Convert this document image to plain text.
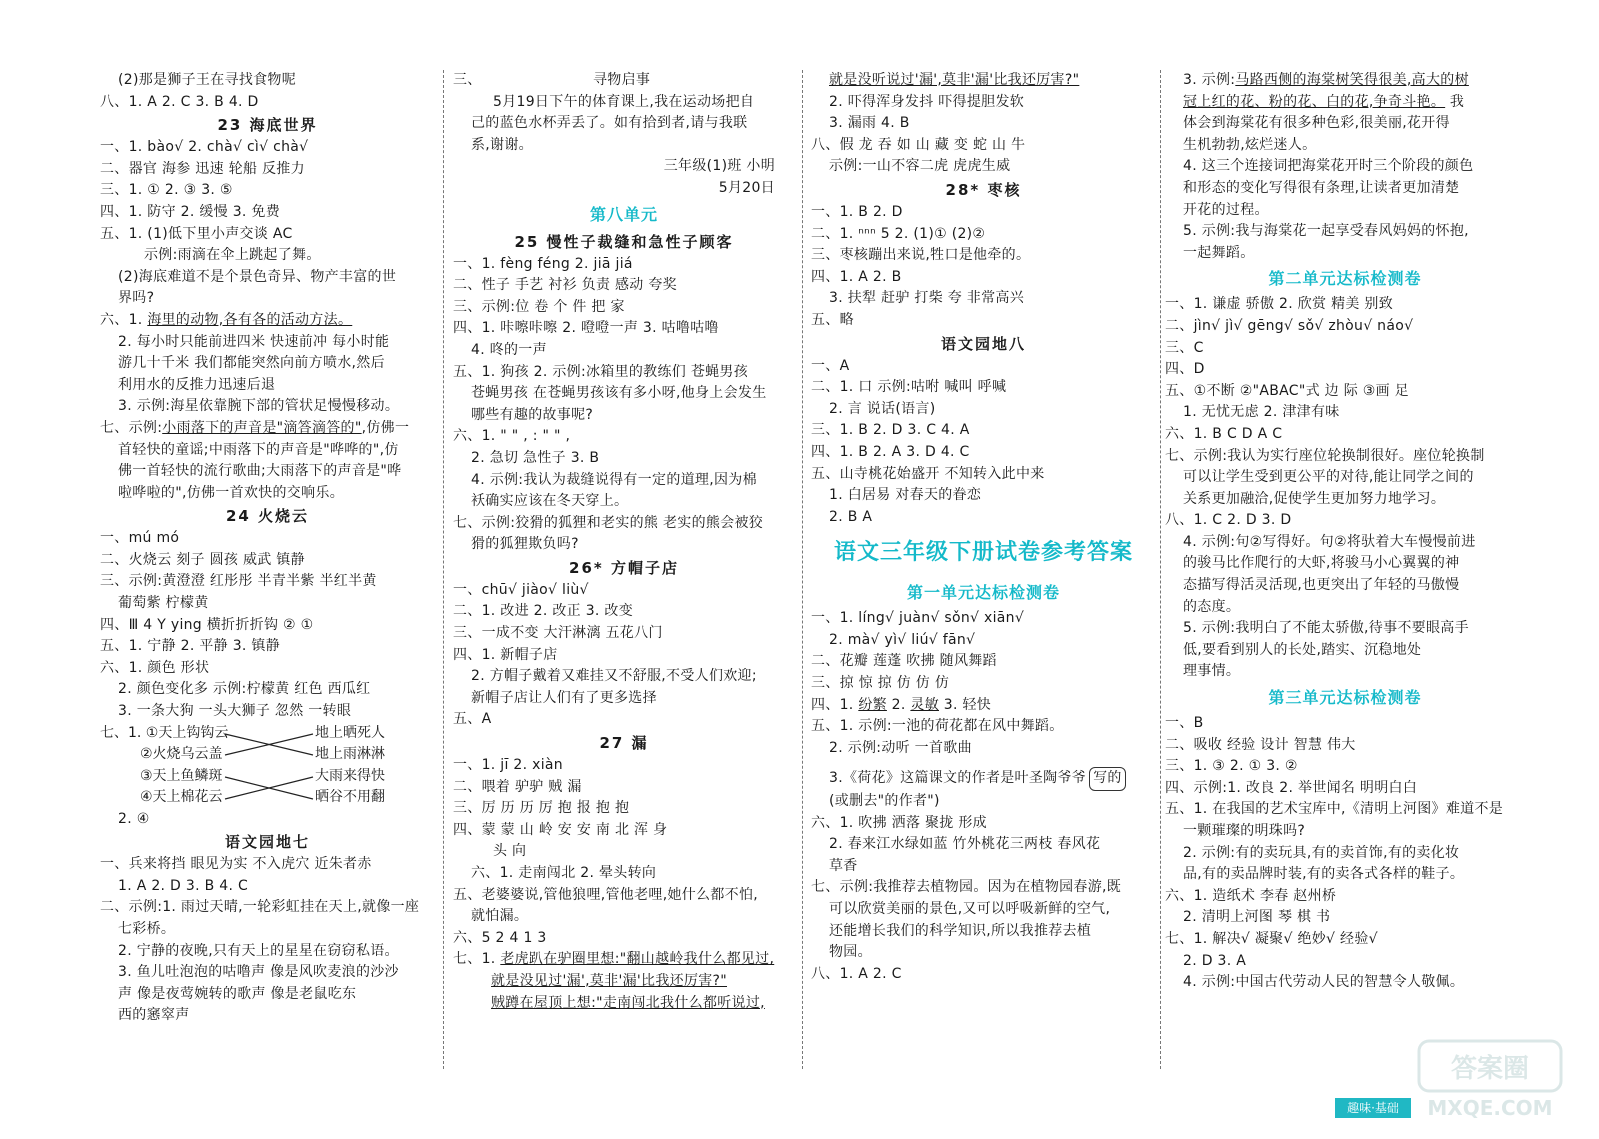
(2)那是狮子王在寻找食物呢
八、1. A 2. C 3. B 4. D
23 海底世界
一、1. bào√ 2. chà√ cì√ chà√
二、器官 海参 迅速 轮船 反推力
三、1. ① 2. ③ 3. ⑤
四、1. 防守 2. 缓慢 3. 免费
五、1. (1)低下里小声交谈 AC
示例:雨滴在伞上跳起了舞。
(2)海底难道不是个景色奇异、物产丰富的世
界吗?
六、1. 海里的动物,各有各的活动方法。
2. 每小时只能前进四米 快速前冲 每小时能
游几十千米 我们都能突然向前方喷水,然后
利用水的反推力迅速后退
3. 示例:海星依靠腕下部的管状足慢慢移动。
七、示例:小雨落下的声音是"滴答滴答的",仿佛一
首轻快的童谣;中雨落下的声音是"哗哗的",仿
佛一首轻快的流行歌曲;大雨落下的声音是"哗
啦哗啦的",仿佛一首欢快的交响乐。
24 火烧云
一、mú mó
二、火烧云 刻子 圆孩 威武 镇静
三、示例:黄澄澄 红彤彤 半青半紫 半红半黄
葡萄紫 柠檬黄
四、Ⅲ 4 Y ying 横折折折钩 ② ①
五、1. 宁静 2. 平静 3. 镇静
六、1. 颜色 形状
2. 颜色变化多 示例:柠檬黄 红色 西瓜红
3. 一条大狗 一头大狮子 忽然 一转眼
七、1. ①天上钩钩云
②火烧乌云盖
③天上鱼鳞斑
④天上棉花云
地上晒死人
地上雨淋淋
大雨来得快
晒谷不用翻
2. ④
语文园地七
一、兵来将挡 眼见为实 不入虎穴 近朱者赤
1. A 2. D 3. B 4. C
二、示例:1. 雨过天晴,一轮彩虹挂在天上,就像一座
七彩桥。
2. 宁静的夜晚,只有天上的星星在窃窃私语。
3. 鱼儿吐泡泡的咕噜声 像是风吹麦浪的沙沙
声 像是夜莺婉转的歌声 像是老鼠吃东
西的窸窣声
三、	寻物启事
5月19日下午的体育课上,我在运动场把自
己的蓝色水杯弄丢了。如有拾到者,请与我联
系,谢谢。
三年级(1)班 小明
5月20日
第八单元
25 慢性子裁缝和急性子顾客
一、1. fèng féng 2. jiā jiá
二、性子 手艺 衬衫 负责 感动 夸奖
三、示例:位 卷 个 件 把 家
四、1. 咔嚓咔嚓 2. 噔噔一声 3. 咕噜咕噜
4. 咚的一声
五、1. 狗孩 2. 示例:冰箱里的教练们 苍蝇男孩
苍蝇男孩 在苍蝇男孩该有多小呀,他身上会发生
哪些有趣的故事呢?
六、1. " " , : " " ,
2. 急切 急性子 3. B
4. 示例:我认为裁缝说得有一定的道理,因为棉
袄确实应该在冬天穿上。
七、示例:狡猾的狐狸和老实的熊 老实的熊会被狡
猾的狐狸欺负吗?
26* 方帽子店
一、chū√ jiào√ liù√
二、1. 改进 2. 改正 3. 改变
三、一成不变 大汗淋漓 五花八门
四、1. 新帽子店
2. 方帽子戴着又难挂又不舒服,不受人们欢迎;
新帽子店让人们有了更多选择
五、A
27 漏
一、1. jī 2. xiàn
二、喂着 驴驴 贼 漏
三、厉 历 历 厉 抱 报 抱 抱
四、蒙 蒙 山 岭 安 安 南 北 浑 身
头 向
六、1. 走南闯北 2. 晕头转向
五、老婆婆说,管他狼哩,管他老哩,她什么都不怕,
就怕漏。
六、5 2 4 1 3
七、1. 老虎趴在驴圈里想:"翻山越岭我什么都见过,
就是没见过'漏',莫非'漏'比我还厉害?"
贼蹲在屋顶上想:"走南闯北我什么都听说过,
就是没听说过'漏',莫非'漏'比我还厉害?"
2. 吓得浑身发抖 吓得提胆发软
3. 漏雨 4. B
八、假 龙 吞 如 山 藏 变 蛇 山 牛
示例:一山不容二虎 虎虎生威
28* 枣核
一、1. B 2. D
二、1. ⁿⁿⁿ 5 2. (1)① (2)②
三、枣核蹦出来说,牲口是他牵的。
四、1. A 2. B
3. 扶犁 赶驴 打柴 夸 非常高兴
五、略
语文园地八
一、A
二、1. 口 示例:咕咐 喊叫 呼喊
2. 言 说话(语言)
三、1. B 2. D 3. C 4. A
四、1. B 2. A 3. D 4. C
五、山寺桃花始盛开 不知转入此中来
1. 白居易 对春天的眷恋
2. B A
语文三年级下册试卷参考答案
第一单元达标检测卷
一、1. líng√ juàn√ sǒn√ xiān√
2. mà√ yì√ liú√ fān√
二、花瓣 莲蓬 吹拂 随风舞蹈
三、掠 惊 掠 仿 仿 仿
四、1. 纷繁 2. 灵敏 3. 轻快
五、1. 示例:一池的荷花都在风中舞蹈。
2. 示例:动听 一首歌曲
3.《荷花》这篇课文的作者是叶圣陶爷爷 写的
(或删去"的作者")
六、1. 吹拂 洒落 聚拢 形成
2. 春来江水绿如蓝 竹外桃花三两枝 春风花
草香
七、示例:我推荐去植物园。因为在植物园春游,既
可以欣赏美丽的景色,又可以呼吸新鲜的空气,
还能增长我们的科学知识,所以我推荐去植
物园。
八、1. A 2. C
3. 示例:马路西侧的海棠树笑得很美,高大的树
冠上红的花、粉的花、白的花,争奇斗艳。 我
体会到海棠花有很多种色彩,很美丽,花开得
生机勃勃,炫烂迷人。
4. 这三个连接词把海棠花开时三个阶段的颜色
和形态的变化写得很有条理,让读者更加清楚
开花的过程。
5. 示例:我与海棠花一起享受春风妈妈的怀抱,
一起舞蹈。
第二单元达标检测卷
一、1. 谦虚 骄傲 2. 欣赏 精美 别致
二、jìn√ jì√ gēng√ sǒ√ zhòu√ náo√
三、C
四、D
五、①不断 ②"ABAC"式 边 际 ③画 足
1. 无忧无虑 2. 津津有味
六、1. B C D A C
七、示例:我认为实行座位轮换制很好。座位轮换制
可以让学生受到更公平的对待,能让同学之间的
关系更加融洽,促使学生更加努力地学习。
八、1. C 2. D 3. D
4. 示例:句②写得好。句②将驮着大车慢慢前进
的骏马比作爬行的大虾,将骏马小心翼翼的神
态描写得活灵活现,也更突出了年轻的马傲慢
的态度。
5. 示例:我明白了不能太骄傲,待事不要眼高手
低,要看到别人的长处,踏实、沉稳地处
理事情。
第三单元达标检测卷
一、B
二、吸收 经验 设计 智慧 伟大
三、1. ③ 2. ① 3. ②
四、示例:1. 改良 2. 举世闻名 明明白白
五、1. 在我国的艺术宝库中,《清明上河图》难道不是
一颗璀璨的明珠吗?
2. 示例:有的卖玩具,有的卖首饰,有的卖化妆
品,有的卖品牌时装,有的卖各式各样的鞋子。
六、1. 造纸术 李春 赵州桥
2. 清明上河图 琴 棋 书
七、1. 解决√ 凝聚√ 绝妙√ 经验√
2. D 3. A
4. 示例:中国古代劳动人民的智慧令人敬佩。
趣味·基础
答案圈
MXQE.COM
